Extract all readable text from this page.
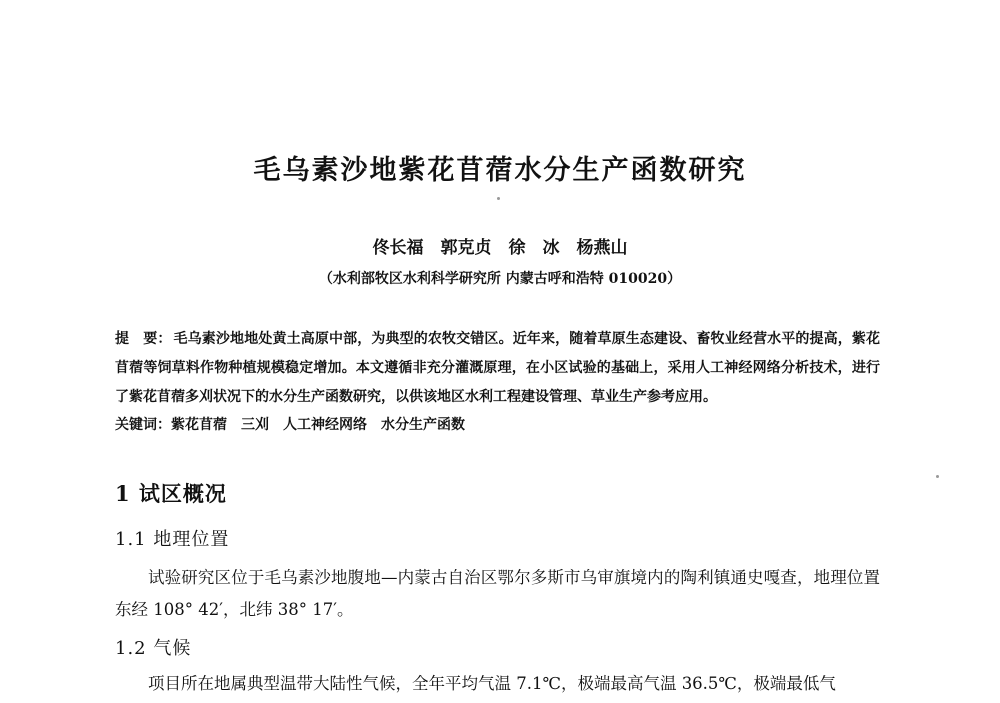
毛乌素沙地紫花苜蓿水分生产函数研究
佟长福　郭克贞　徐　冰　杨燕山
（水利部牧区水利科学研究所 内蒙古呼和浩特 010020）
提　要： 毛乌素沙地地处黄土高原中部，为典型的农牧交错区。近年来，随着草原生态建设、畜牧业经营水平的提高，紫花苜蓿等饲草料作物种植规模稳定增加。本文遵循非充分灌溉原理，在小区试验的基础上，采用人工神经网络分析技术，进行了紫花苜蓿多刈状况下的水分生产函数研究，以供该地区水利工程建设管理、草业生产参考应用。
关键词：紫花苜蓿　三刈　人工神经网络　水分生产函数
1 试区概况
1.1 地理位置
试验研究区位于毛乌素沙地腹地—内蒙古自治区鄂尔多斯市乌审旗境内的陶利镇通史嘎查，地理位置东经 108° 42′，北纬 38° 17′。
1.2 气候
项目所在地属典型温带大陆性气候，全年平均气温 7.1℃，极端最高气温 36.5℃，极端最低气
